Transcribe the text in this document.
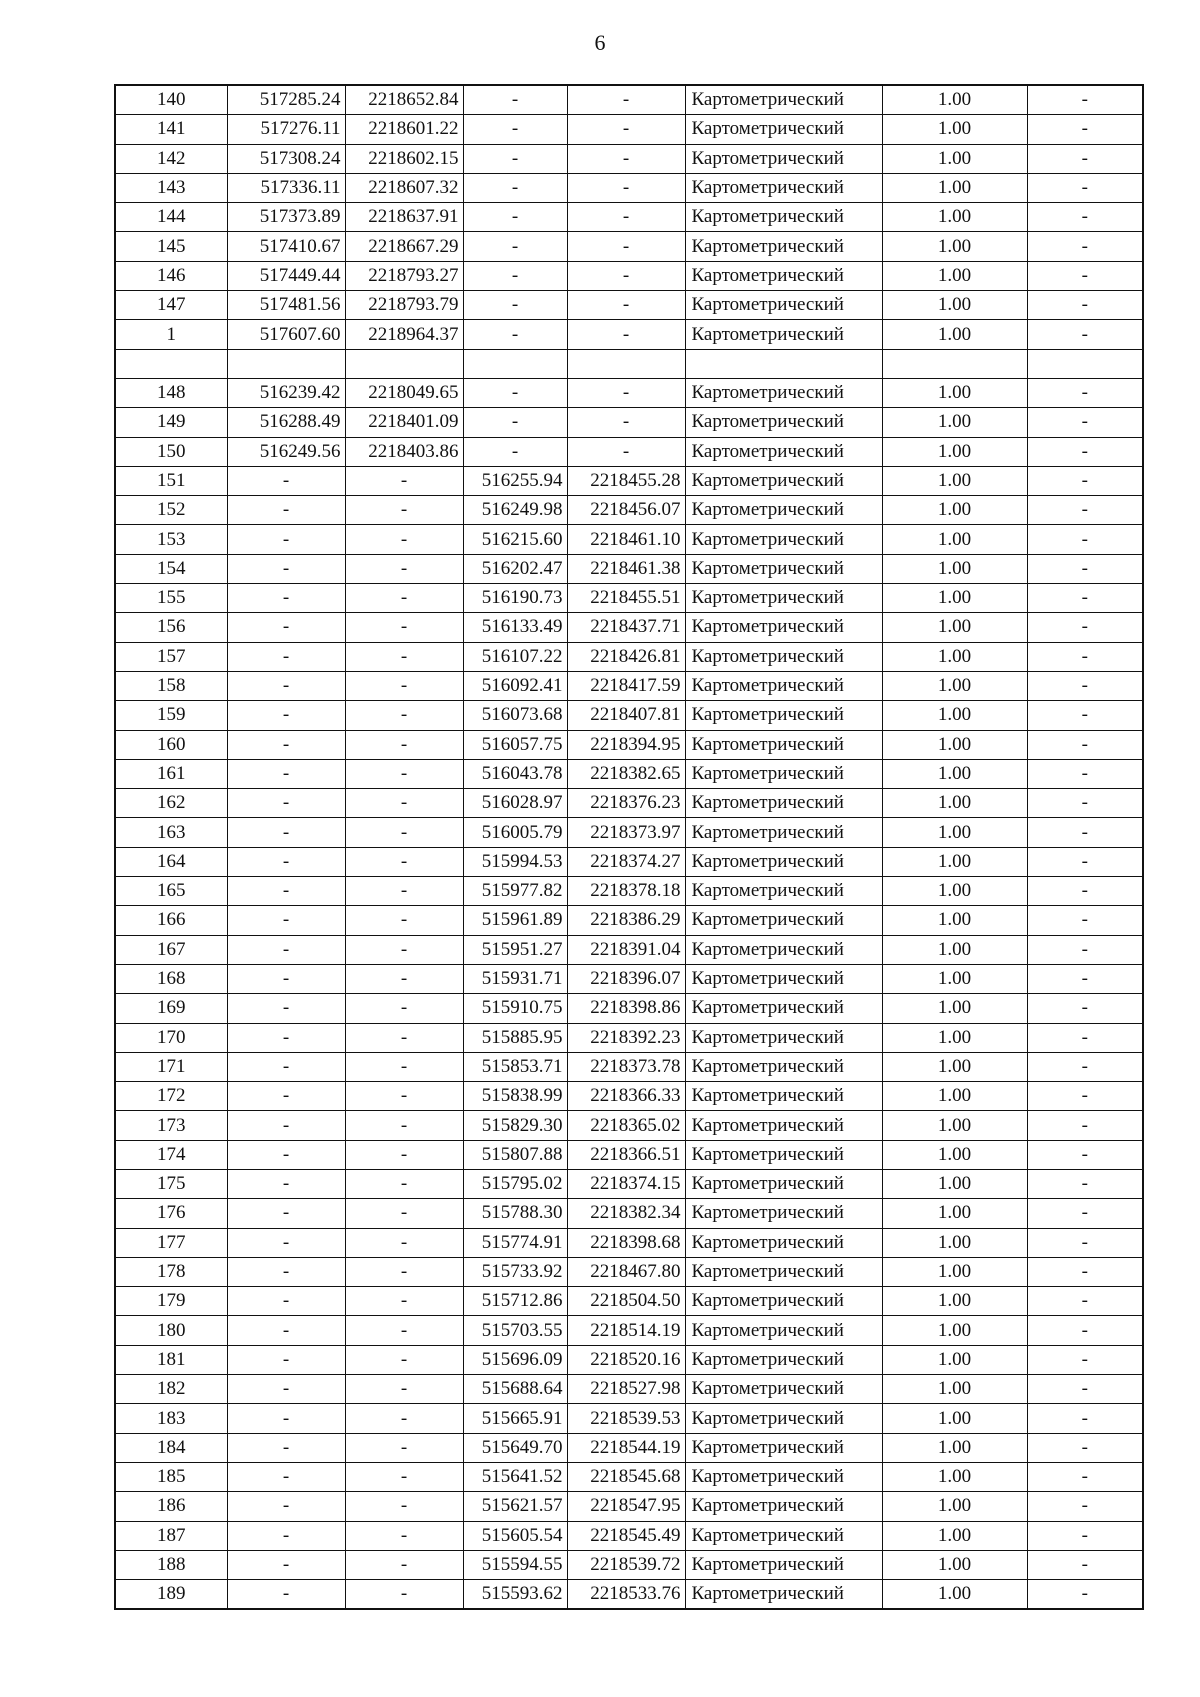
6
140	517285.24	2218652.84	-	-	Картометрический	1.00	-
141	517276.11	2218601.22	-	-	Картометрический	1.00	-
142	517308.24	2218602.15	-	-	Картометрический	1.00	-
143	517336.11	2218607.32	-	-	Картометрический	1.00	-
144	517373.89	2218637.91	-	-	Картометрический	1.00	-
145	517410.67	2218667.29	-	-	Картометрический	1.00	-
146	517449.44	2218793.27	-	-	Картометрический	1.00	-
147	517481.56	2218793.79	-	-	Картометрический	1.00	-
1	517607.60	2218964.37	-	-	Картометрический	1.00	-

148	516239.42	2218049.65	-	-	Картометрический	1.00	-
149	516288.49	2218401.09	-	-	Картометрический	1.00	-
150	516249.56	2218403.86	-	-	Картометрический	1.00	-
151	-	-	516255.94	2218455.28	Картометрический	1.00	-
152	-	-	516249.98	2218456.07	Картометрический	1.00	-
153	-	-	516215.60	2218461.10	Картометрический	1.00	-
154	-	-	516202.47	2218461.38	Картометрический	1.00	-
155	-	-	516190.73	2218455.51	Картометрический	1.00	-
156	-	-	516133.49	2218437.71	Картометрический	1.00	-
157	-	-	516107.22	2218426.81	Картометрический	1.00	-
158	-	-	516092.41	2218417.59	Картометрический	1.00	-
159	-	-	516073.68	2218407.81	Картометрический	1.00	-
160	-	-	516057.75	2218394.95	Картометрический	1.00	-
161	-	-	516043.78	2218382.65	Картометрический	1.00	-
162	-	-	516028.97	2218376.23	Картометрический	1.00	-
163	-	-	516005.79	2218373.97	Картометрический	1.00	-
164	-	-	515994.53	2218374.27	Картометрический	1.00	-
165	-	-	515977.82	2218378.18	Картометрический	1.00	-
166	-	-	515961.89	2218386.29	Картометрический	1.00	-
167	-	-	515951.27	2218391.04	Картометрический	1.00	-
168	-	-	515931.71	2218396.07	Картометрический	1.00	-
169	-	-	515910.75	2218398.86	Картометрический	1.00	-
170	-	-	515885.95	2218392.23	Картометрический	1.00	-
171	-	-	515853.71	2218373.78	Картометрический	1.00	-
172	-	-	515838.99	2218366.33	Картометрический	1.00	-
173	-	-	515829.30	2218365.02	Картометрический	1.00	-
174	-	-	515807.88	2218366.51	Картометрический	1.00	-
175	-	-	515795.02	2218374.15	Картометрический	1.00	-
176	-	-	515788.30	2218382.34	Картометрический	1.00	-
177	-	-	515774.91	2218398.68	Картометрический	1.00	-
178	-	-	515733.92	2218467.80	Картометрический	1.00	-
179	-	-	515712.86	2218504.50	Картометрический	1.00	-
180	-	-	515703.55	2218514.19	Картометрический	1.00	-
181	-	-	515696.09	2218520.16	Картометрический	1.00	-
182	-	-	515688.64	2218527.98	Картометрический	1.00	-
183	-	-	515665.91	2218539.53	Картометрический	1.00	-
184	-	-	515649.70	2218544.19	Картометрический	1.00	-
185	-	-	515641.52	2218545.68	Картометрический	1.00	-
186	-	-	515621.57	2218547.95	Картометрический	1.00	-
187	-	-	515605.54	2218545.49	Картометрический	1.00	-
188	-	-	515594.55	2218539.72	Картометрический	1.00	-
189	-	-	515593.62	2218533.76	Картометрический	1.00	-
